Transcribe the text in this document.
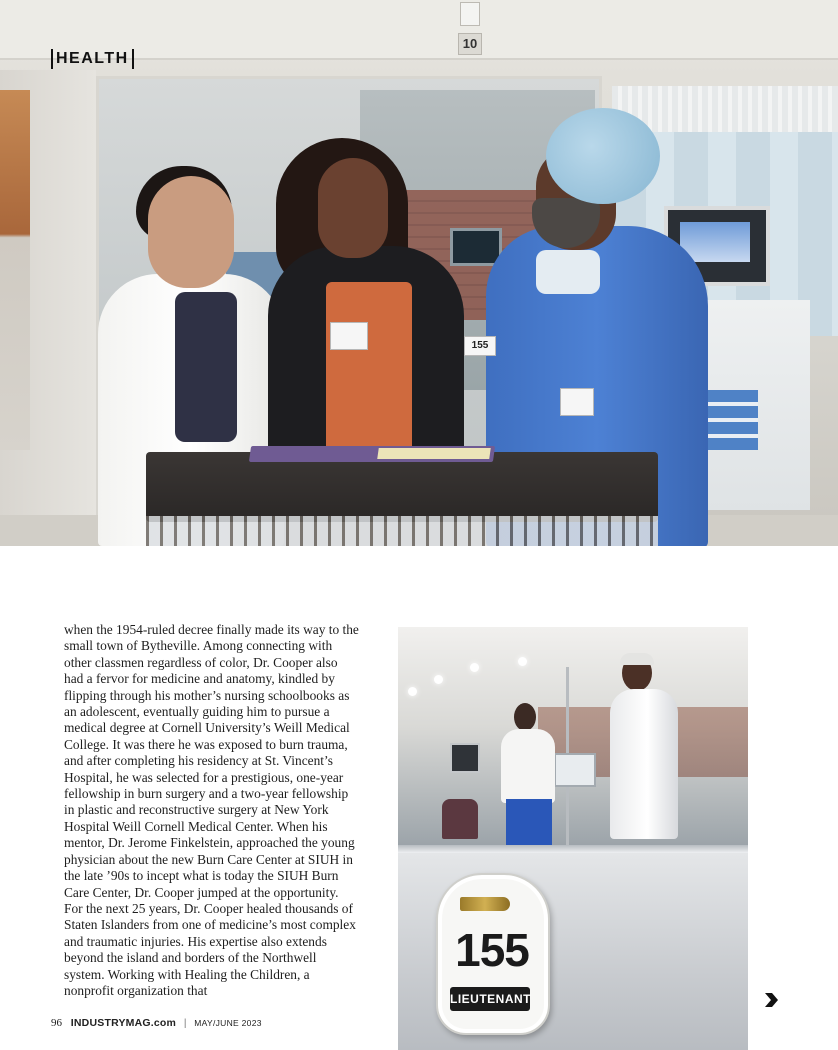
10
155
HEALTH

when the 1954-ruled decree finally made its way to the small town of Bytheville. Among connecting with other classmen regardless of color, Dr. Cooper also had a fervor for medicine and anatomy, kindled by flipping through his mother’s nursing schoolbooks as an adolescent, eventually guiding him to pursue a medical degree at Cornell University’s Weill Medical College. It was there he was exposed to burn trauma, and after completing his residency at St. Vincent’s Hospital, he was selected for a prestigious, one-year fellowship in burn surgery and a two-year fellowship in plastic and reconstructive surgery at New York Hospital Weill Cornell Medical Center. When his mentor, Dr. Jerome Finkelstein, approached the young physician about the new Burn Care Center at SIUH in the late ’90s to incept what is today the SIUH Burn Care Center, Dr. Cooper jumped at the opportunity. For the next 25 years, Dr. Cooper healed thousands of Staten Islanders from one of medicine’s most complex and traumatic injuries. His expertise also extends beyond the island and borders of the Northwell system. Working with Healing the Children, a nonprofit organization that

155
LIEUTENANT
96 INDUSTRYMAG.com | MAY/JUNE 2023
